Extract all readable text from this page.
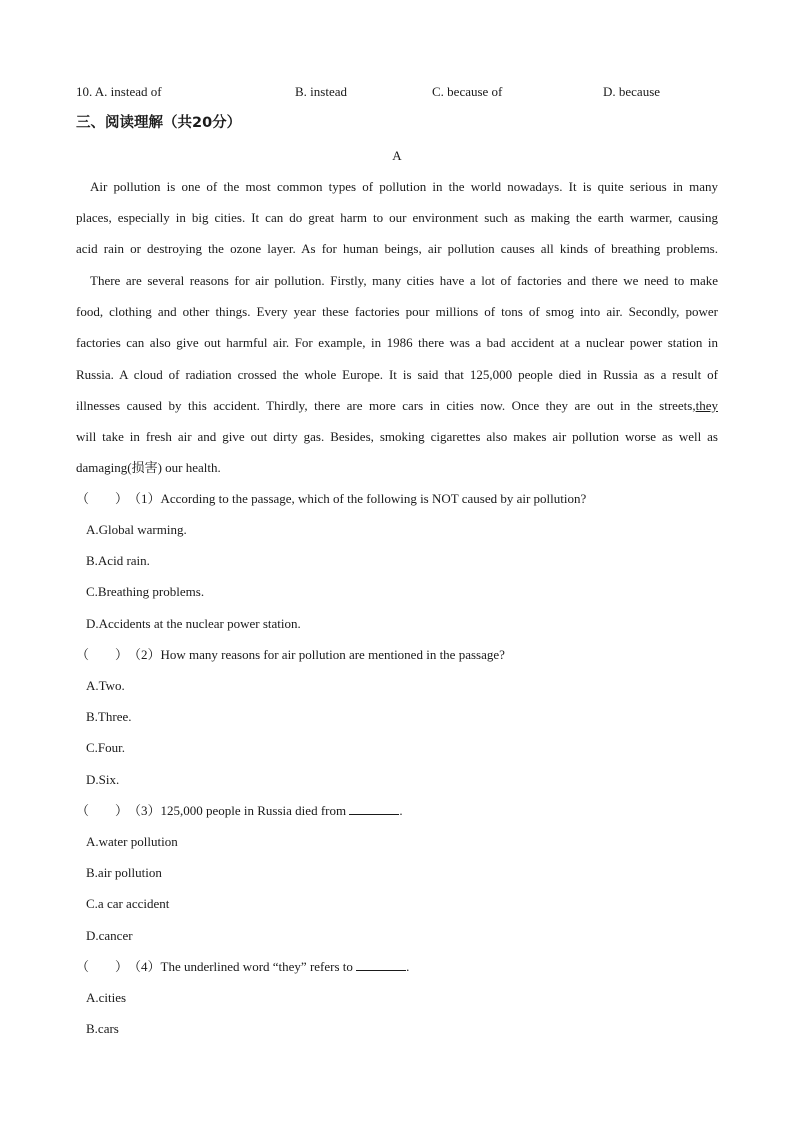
10. A. instead of	B. instead	C. because of	D. because
三、阅读理解（共20分）
A
Air pollution is one of the most common types of pollution in the world nowadays. It is quite serious in many
places, especially in big cities. It can do great harm to our environment such as making the earth warmer, causing
acid rain or destroying the ozone layer. As for human beings, air pollution causes all kinds of breathing problems.
There are several reasons for air pollution. Firstly, many cities have a lot of factories and there we need to make
food, clothing and other things. Every year these factories pour millions of tons of smog into air. Secondly, power
factories can also give out harmful air. For example, in 1986 there was a bad accident at a nuclear power station in
Russia. A cloud of radiation crossed the whole Europe. It is said that 125,000 people died in Russia as a result of
illnesses caused by this accident. Thirdly, there are more cars in cities now. Once they are out in the streets,they
will take in fresh air and give out dirty gas. Besides, smoking cigarettes also makes air pollution worse as well as
damaging(损害) our health.
（　　）（1）According to the passage, which of the following is NOT caused by air pollution?
A.Global warming.
B.Acid rain.
C.Breathing problems.
D.Accidents at the nuclear power station.
（　　）（2）How many reasons for air pollution are mentioned in the passage?
A.Two.
B.Three.
C.Four.
D.Six.
（　　）（3）125,000 people in Russia died from	.
A.water pollution
B.air pollution
C.a car accident
D.cancer
（　　）（4）The underlined word “they” refers to	.
A.cities
B.cars
